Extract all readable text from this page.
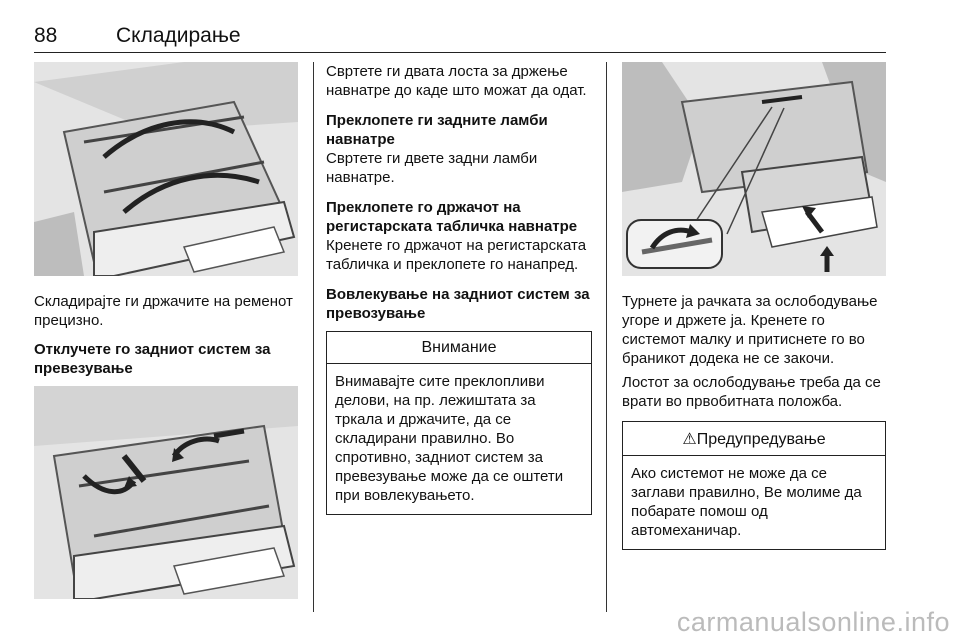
88	Складирање

Складирајте ги држачите на ременот прецизно.

Отклучете го задниот систем за превезување

Свртете ги двата лоста за држење навнатре до каде што можат да одат.

Преклопете ги задните ламби навнатре

Свртете ги двете задни ламби навнатре.

Преклопете го држачот на регистарската табличка навнатре

Кренете го држачот на регистарската табличка и преклопете го нанапред.

Вовлекување на задниот систем за превозување

Внимание
Внимавајте сите преклопливи делови, на пр. лежиштата за тркала и држачите, да се складирани правилно. Во спротивно, задниот систем за превезување може да се оштети при вовлекувањето.

Турнете ја рачката за ослободување угоре и држете ја. Кренете го системот малку и притиснете го во браникот додека не се закочи.

Лостот за ослободување треба да се врати во првобитната положба.

⚠Предупредување
Ако системот не може да се заглави правилно, Ве молиме да побарате помош од автомеханичар.
carmanualsonline.info
